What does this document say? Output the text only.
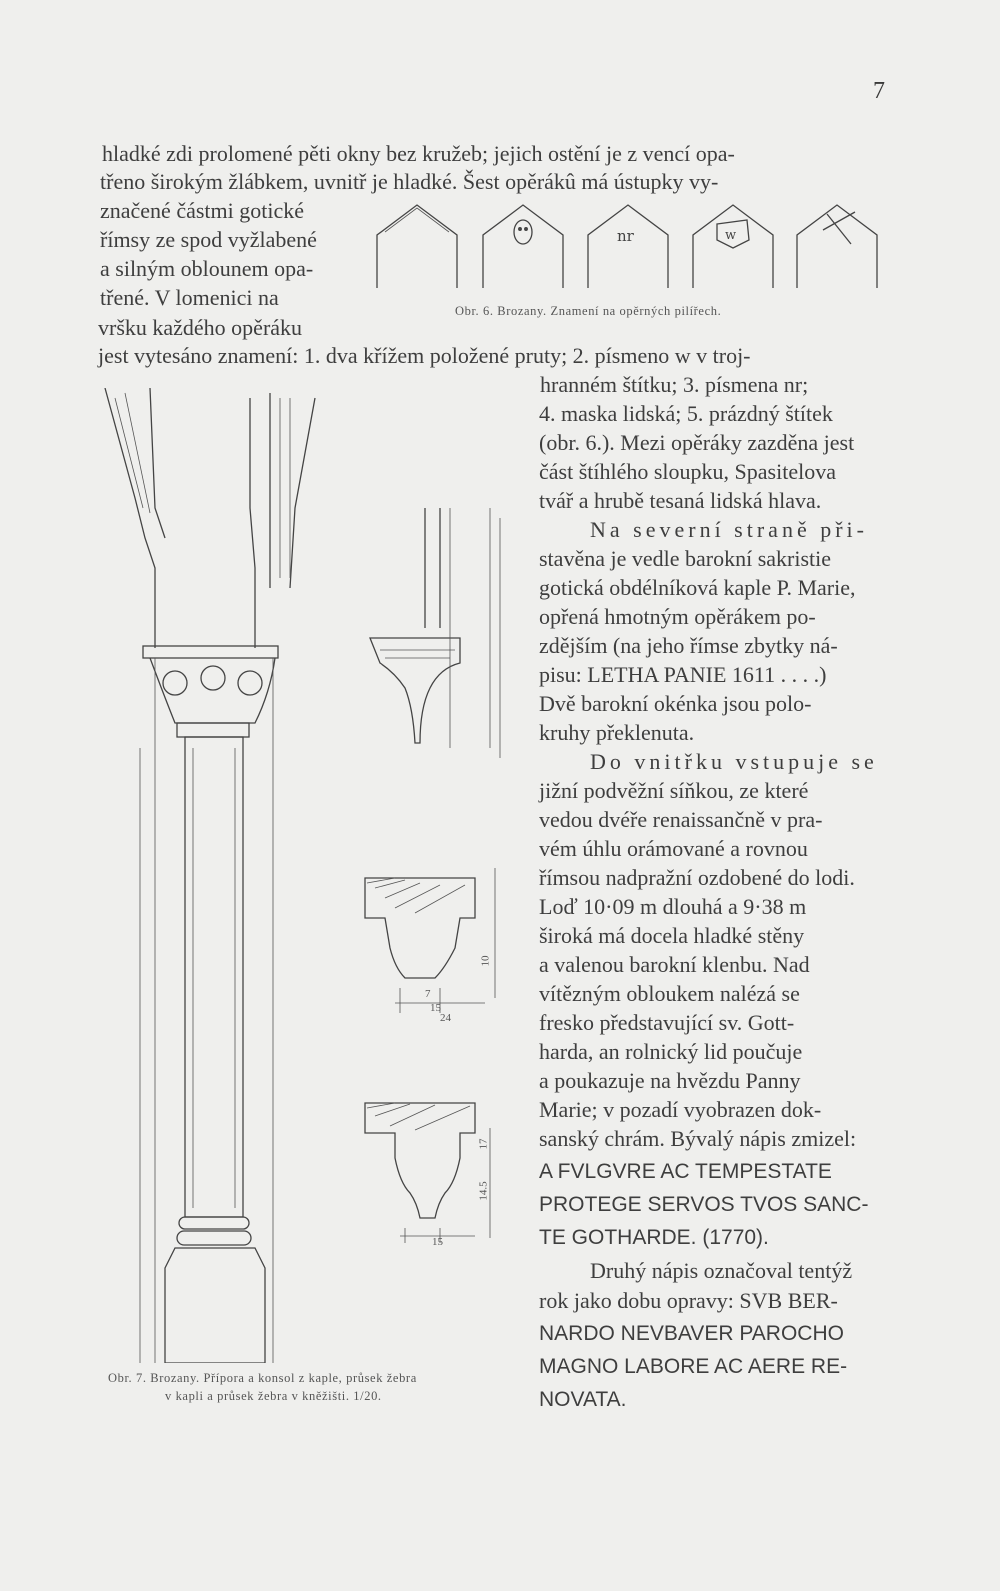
7
hladké zdi prolomené pěti okny bez kružeb; jejich ostění je z vencí opa-
třeno širokým žlábkem, uvnitř je hladké. Šest opěrákû má ústupky vy-
značené částmi gotické
římsy ze spod vyžlabené
a silným oblounem opa-
třené. V lomenici na
vršku každého opěráku
jest vytesáno znamení: 1. dva křížem položené pruty; 2. písmeno w v troj-
hranném štítku; 3. písmena nr;
4. maska lidská; 5. prázdný štítek
(obr. 6.). Mezi opěráky zazděna jest
část štíhlého sloupku, Spasitelova
tvář a hrubě tesaná lidská hlava.
Na severní straně při-
stavěna je vedle barokní sakristie
gotická obdélníková kaple P. Marie,
opřená hmotným opěrákem po-
zdějším (na jeho římse zbytky ná-
pisu: LETHA PANIE 1611 . . . .)
Dvě barokní okénka jsou polo-
kruhy překlenuta.
Do vnitřku vstupuje se
jižní podvěžní síňkou, ze které
vedou dvéře renaissančně v pra-
vém úhlu orámované a rovnou
římsou nadpražní ozdobené do lodi.
Loď 10·09 m dlouhá a 9·38 m
široká má docela hladké stěny
a valenou barokní klenbu. Nad
vítězným obloukem nalézá se
fresko představující sv. Gott-
harda, an rolnický lid poučuje
a poukazuje na hvězdu Panny
Marie; v pozadí vyobrazen dok-
sanský chrám. Bývalý nápis zmizel:
A FVLGVRE AC TEMPESTATE
PROTEGE SERVOS TVOS SANC-
TE GOTHARDE. (1770).
Druhý nápis označoval tentýž
rok jako dobu opravy: SVB BER-
NARDO NEVBAVER PAROCHO
MAGNO LABORE AC AERE RE-
NOVATA.
nr	w
Obr. 6. Brozany. Znamení na opěrných pilířech.
10
7
15
24
17
14.5
15
Obr. 7. Brozany. Přípora a konsol z kaple, průsek žebra
v kapli a průsek žebra v kněžišti. 1/20.
